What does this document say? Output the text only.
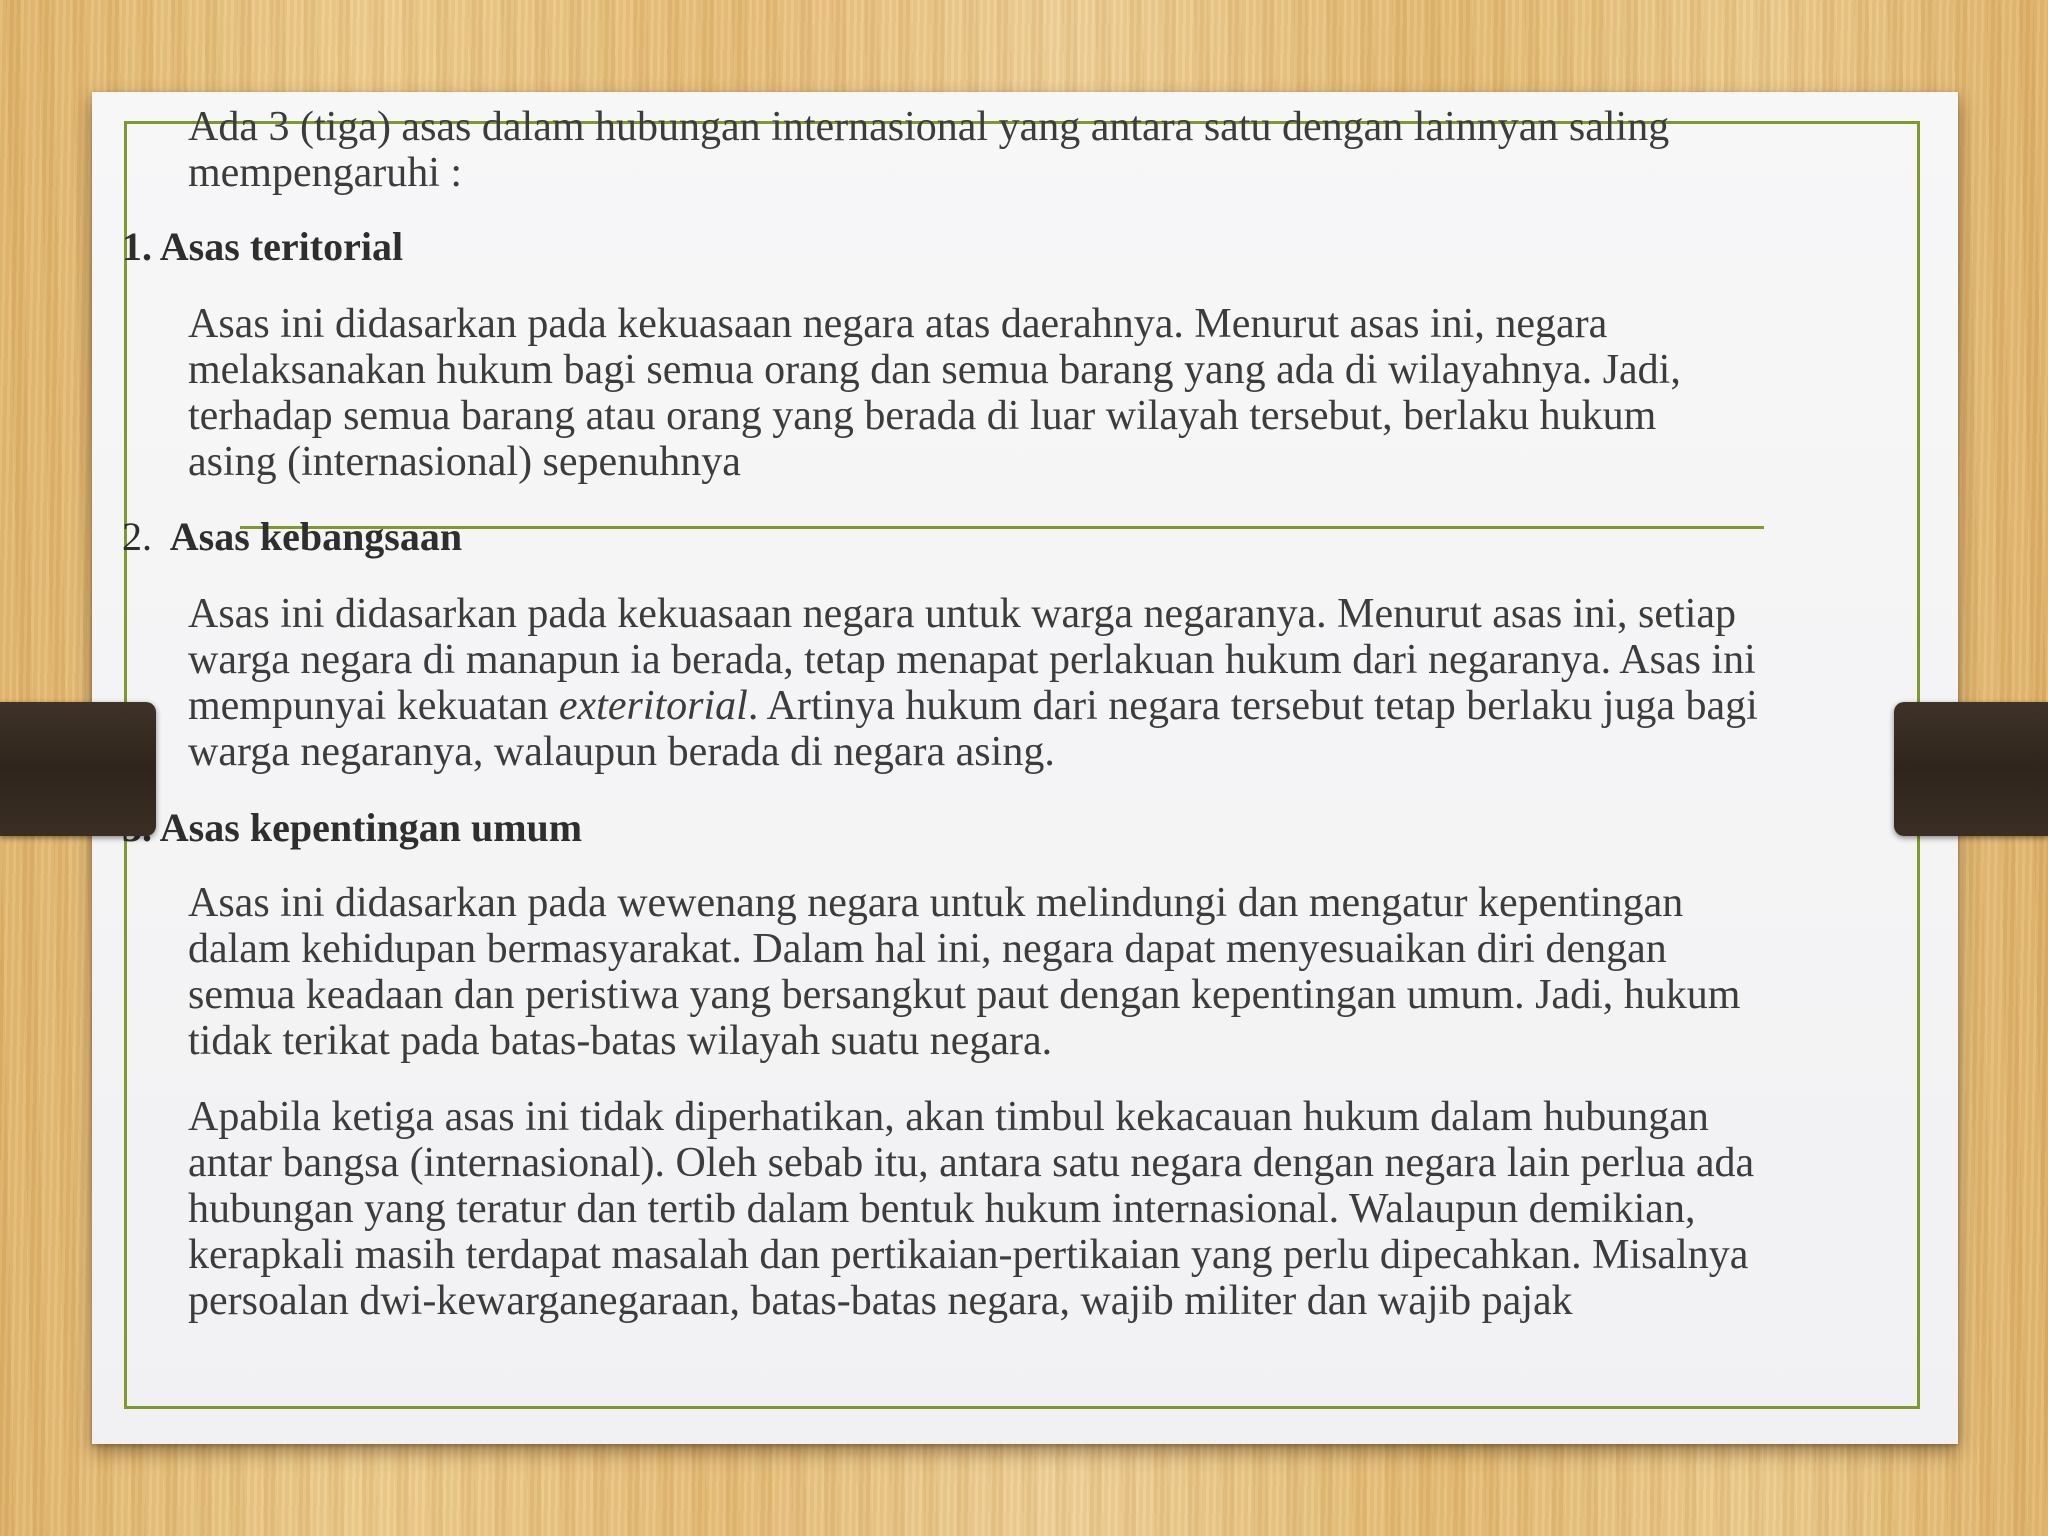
Ada 3 (tiga) asas dalam hubungan internasional yang antara satu dengan lainnyan saling
mempengaruhi :

1. Asas teritorial

Asas ini didasarkan pada kekuasaan negara atas daerahnya. Menurut asas ini, negara
melaksanakan hukum bagi semua orang dan semua barang yang ada di wilayahnya. Jadi,
terhadap semua barang atau orang yang berada di luar wilayah tersebut, berlaku hukum
asing (internasional) sepenuhnya

2. Asas kebangsaan

Asas ini didasarkan pada kekuasaan negara untuk warga negaranya. Menurut asas ini, setiap
warga negara di manapun ia berada, tetap menapat perlakuan hukum dari negaranya. Asas ini
mempunyai kekuatan exteritorial. Artinya hukum dari negara tersebut tetap berlaku juga bagi
warga negaranya, walaupun berada di negara asing.

Asas kepentingan umum

Asas ini didasarkan pada wewenang negara untuk melindungi dan mengatur kepentingan
dalam kehidupan bermasyarakat. Dalam hal ini, negara dapat menyesuaikan diri dengan
semua keadaan dan peristiwa yang bersangkut paut dengan kepentingan umum. Jadi, hukum
tidak terikat pada batas-batas wilayah suatu negara.

Apabila ketiga asas ini tidak diperhatikan, akan timbul kekacauan hukum dalam hubungan
antar bangsa (internasional). Oleh sebab itu, antara satu negara dengan negara lain perlua ada
hubungan yang teratur dan tertib dalam bentuk hukum internasional. Walaupun demikian,
kerapkali masih terdapat masalah dan pertikaian-pertikaian yang perlu dipecahkan. Misalnya
persoalan dwi-kewarganegaraan, batas-batas negara, wajib militer dan wajib pajak
